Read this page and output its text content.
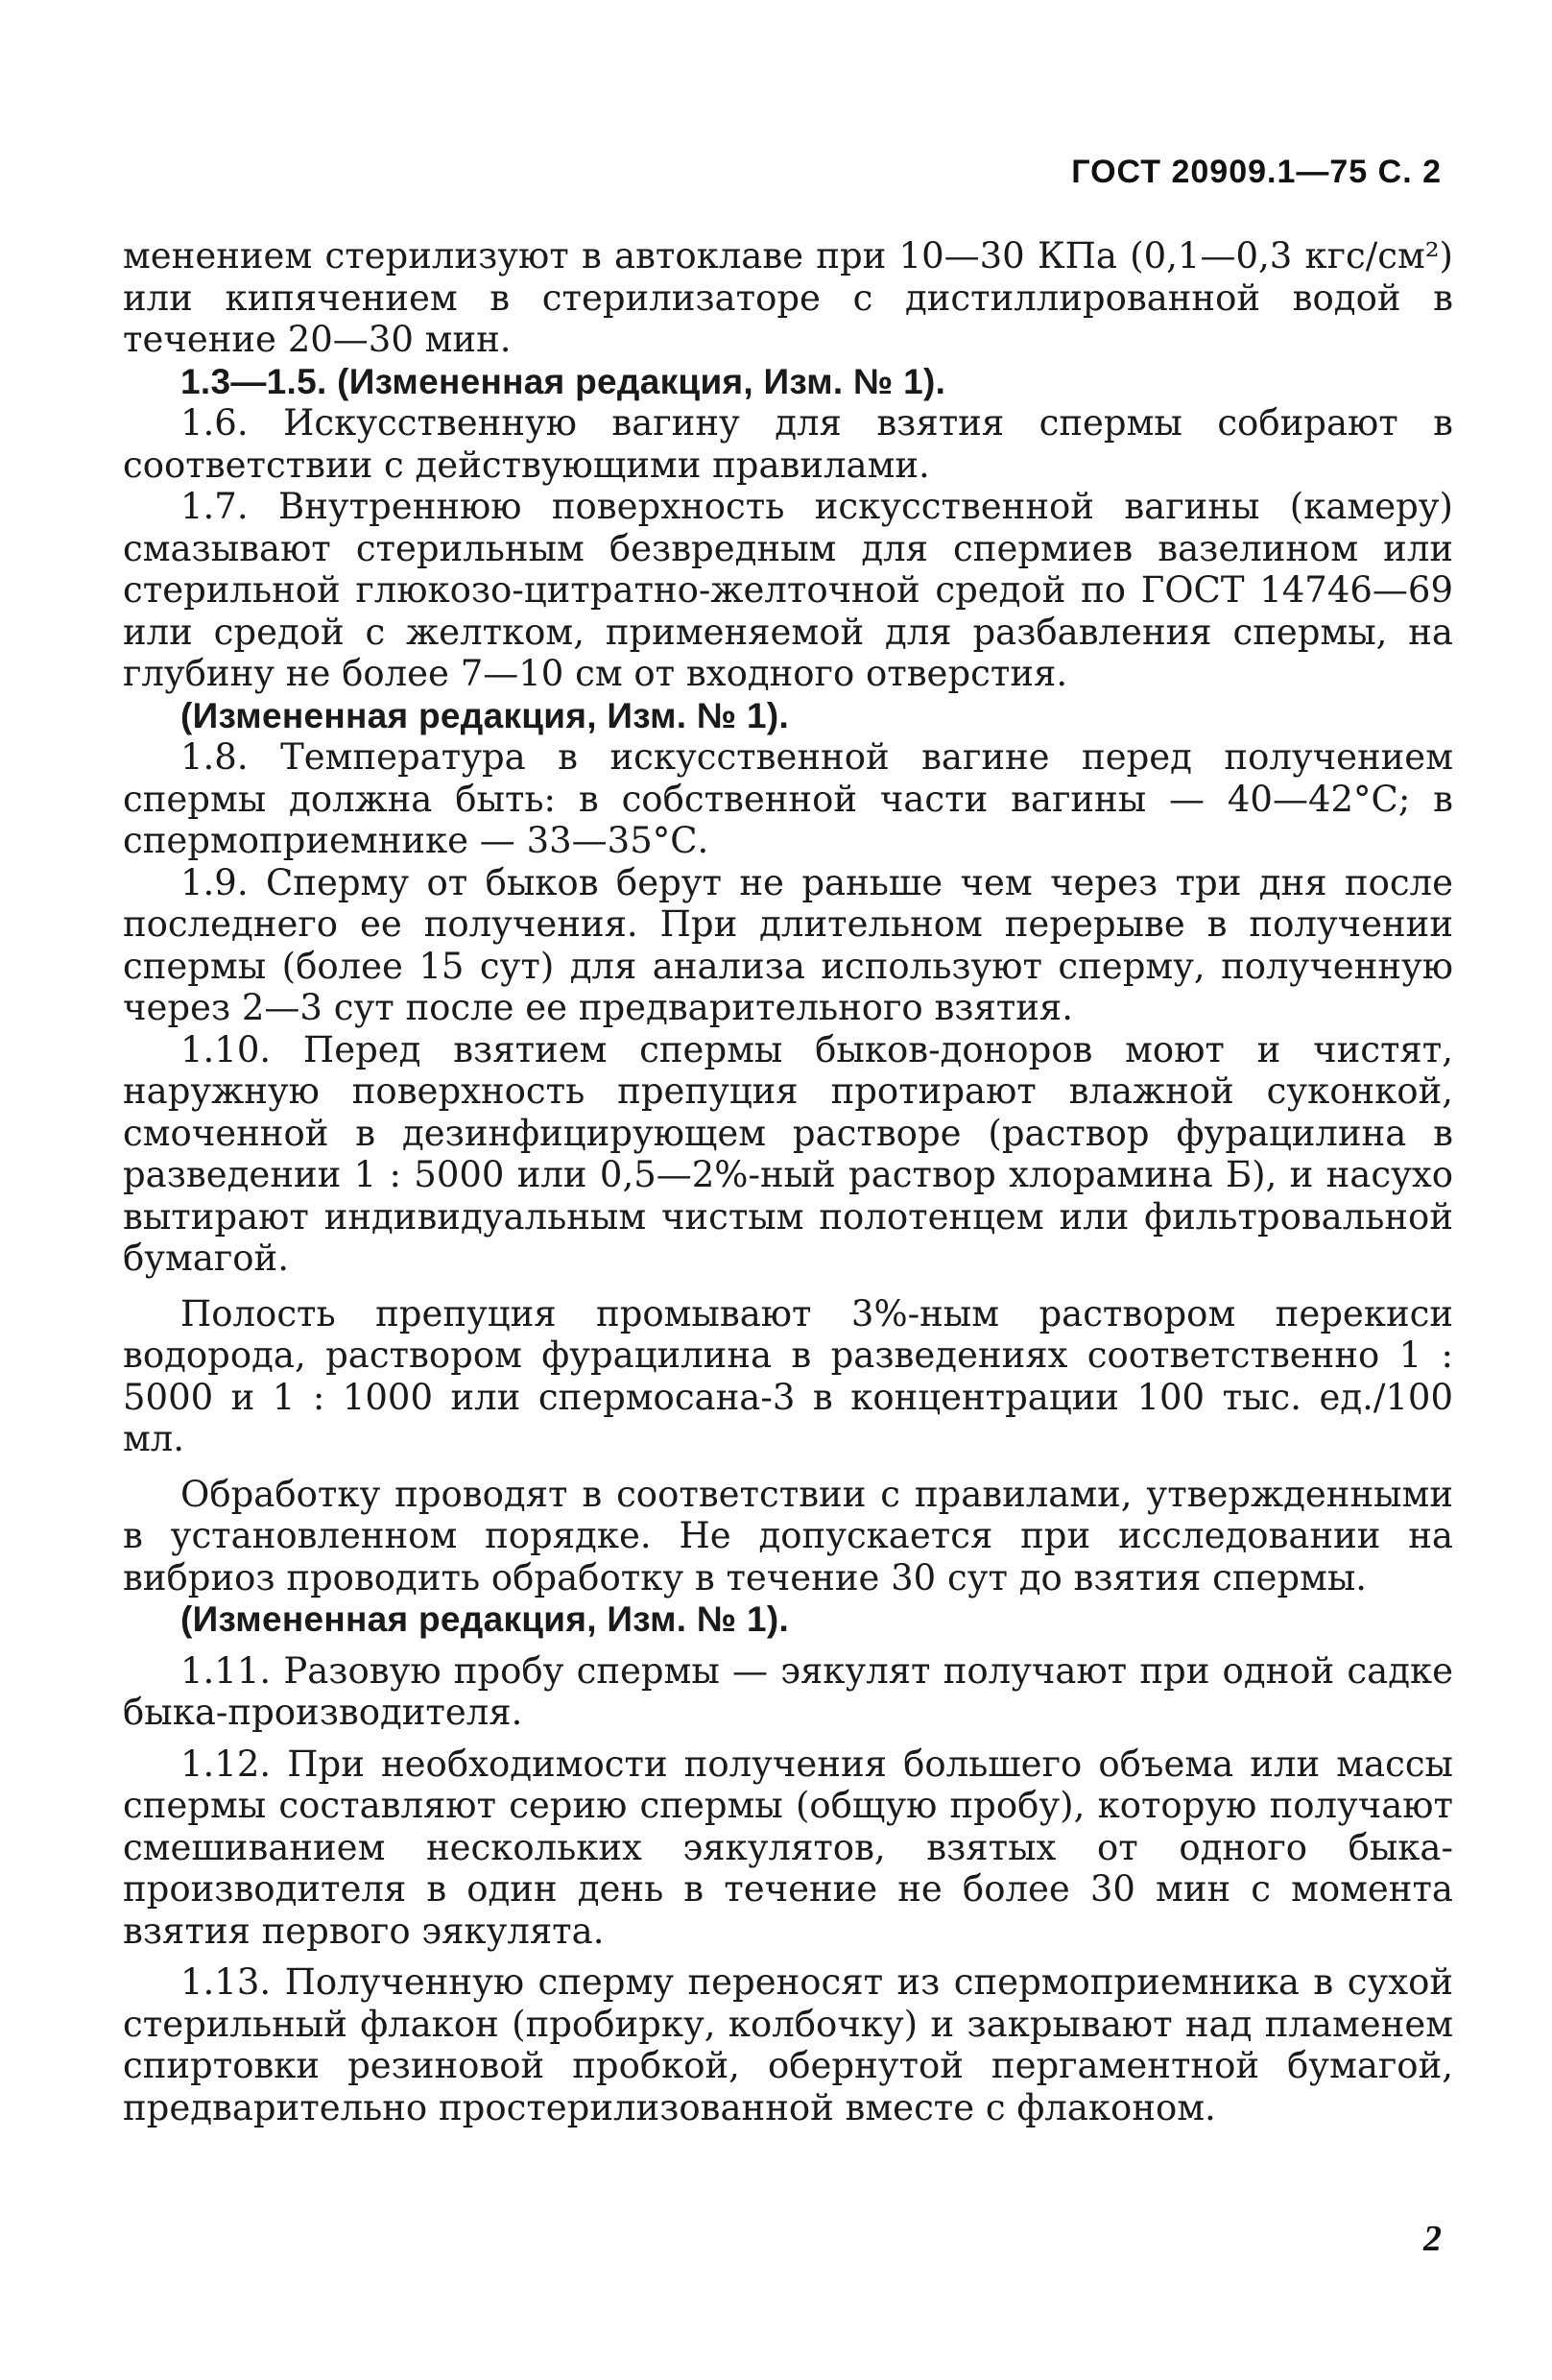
ГОСТ 20909.1—75 С. 2

менением стерилизуют в автоклаве при 10—30 КПа (0,1—0,3 кгс/см²) или кипячением в стерилизаторе с дистиллированной водой в течение 20—30 мин.

1.3—1.5. (Измененная редакция, Изм. № 1).

1.6. Искусственную вагину для взятия спермы собирают в соответствии с действующими правилами.

1.7. Внутреннюю поверхность искусственной вагины (камеру) смазывают стерильным безвредным для спермиев вазелином или стерильной глюкозо-цитратно-желточной средой по ГОСТ 14746—69 или средой с желтком, применяемой для разбавления спермы, на глубину не более 7—10 см от входного отверстия.

(Измененная редакция, Изм. № 1).

1.8. Температура в искусственной вагине перед получением спермы должна быть: в собственной части вагины — 40—42°С; в спермоприемнике — 33—35°С.

1.9. Сперму от быков берут не раньше чем через три дня после последнего ее получения. При длительном перерыве в получении спермы (более 15 сут) для анализа используют сперму, полученную через 2—3 сут после ее предварительного взятия.

1.10. Перед взятием спермы быков-доноров моют и чистят, наружную поверхность препуция протирают влажной суконкой, смоченной в дезинфицирующем растворе (раствор фурацилина в разведении 1 : 5000 или 0,5—2%-ный раствор хлорамина Б), и насухо вытирают индивидуальным чистым полотенцем или фильтровальной бумагой.

Полость препуция промывают 3%-ным раствором перекиси водорода, раствором фурацилина в разведениях соответственно 1 : 5000 и 1 : 1000 или спермосана-3 в концентрации 100 тыс. ед./100 мл.

Обработку проводят в соответствии с правилами, утвержденными в установленном порядке. Не допускается при исследовании на вибриоз проводить обработку в течение 30 сут до взятия спермы.

(Измененная редакция, Изм. № 1).

1.11. Разовую пробу спермы — эякулят получают при одной садке быка-производителя.

1.12. При необходимости получения большего объема или массы спермы составляют серию спермы (общую пробу), которую получают смешиванием нескольких эякулятов, взятых от одного быка-производителя в один день в течение не более 30 мин с момента взятия первого эякулята.

1.13. Полученную сперму переносят из спермоприемника в сухой стерильный флакон (пробирку, колбочку) и закрывают над пламенем спиртовки резиновой пробкой, обернутой пергаментной бумагой, предварительно простерилизованной вместе с флаконом.

2
